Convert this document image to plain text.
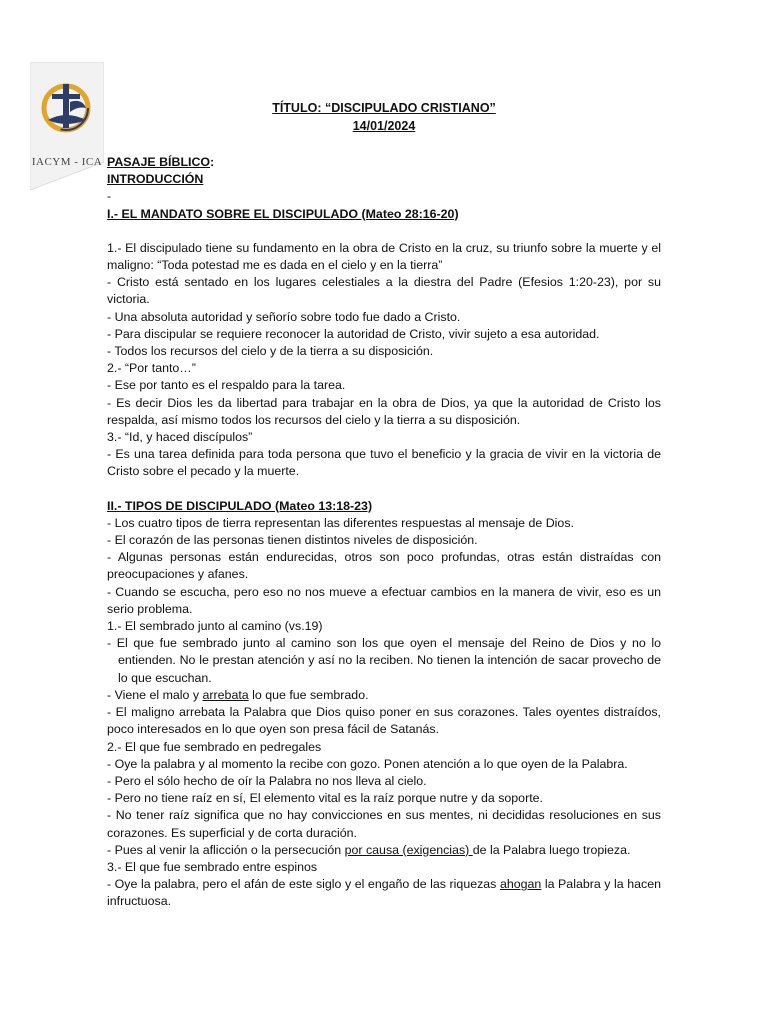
IACYM - ICA
TÍTULO: “DISCIPULADO CRISTIANO”
14/01/2024

PASAJE BÍBLICO:

INTRODUCCIÓN

-

I.- EL MANDATO SOBRE EL DISCIPULADO (Mateo 28:16-20)

1.- El discipulado tiene su fundamento en la obra de Cristo en la cruz, su triunfo sobre la muerte y el maligno: “Toda potestad me es dada en el cielo y en la tierra”

- Cristo está sentado en los lugares celestiales a la diestra del Padre (Efesios 1:20-23), por su victoria.

- Una absoluta autoridad y señorío sobre todo fue dado a Cristo.

- Para discipular se requiere reconocer la autoridad de Cristo, vivir sujeto a esa autoridad.

- Todos los recursos del cielo y de la tierra a su disposición.

2.- “Por tanto…”

- Ese por tanto es el respaldo para la tarea.

- Es decir Dios les da libertad para trabajar en la obra de Dios, ya que la autoridad de Cristo los respalda, así mismo todos los recursos del cielo y la tierra a su disposición.

3.- “Id, y haced discípulos”

- Es una tarea definida para toda persona que tuvo el beneficio y la gracia de vivir en la victoria de Cristo sobre el pecado y la muerte.

II.- TIPOS DE DISCIPULADO (Mateo 13:18-23)

- Los cuatro tipos de tierra representan las diferentes respuestas al mensaje de Dios.

- El corazón de las personas tienen distintos niveles de disposición.

- Algunas personas están endurecidas, otros son poco profundas, otras están distraídas con preocupaciones y afanes.

- Cuando se escucha, pero eso no nos mueve a efectuar cambios en la manera de vivir, eso es un serio problema.

1.- El sembrado junto al camino (vs.19)

- El que fue sembrado junto al camino son los que oyen el mensaje del Reino de Dios y no lo entienden. No le prestan atención y así no la reciben. No tienen la intención de sacar provecho de lo que escuchan.

- Viene el malo y arrebata lo que fue sembrado.

- El maligno arrebata la Palabra que Dios quiso poner en sus corazones. Tales oyentes distraídos, poco interesados en lo que oyen son presa fácil de Satanás.

2.- El que fue sembrado en pedregales

- Oye la palabra y al momento la recibe con gozo. Ponen atención a lo que oyen de la Palabra.

- Pero el sólo hecho de oír la Palabra no nos lleva al cielo.

- Pero no tiene raíz en sí, El elemento vital es la raíz porque nutre y da soporte.

- No tener raíz significa que no hay convicciones en sus mentes, ni decididas resoluciones en sus corazones. Es superficial y de corta duración.

- Pues al venir la aflicción o la persecución por causa (exigencias) de la Palabra luego tropieza.

3.- El que fue sembrado entre espinos

- Oye la palabra, pero el afán de este siglo y el engaño de las riquezas ahogan la Palabra y la hacen infructuosa.
